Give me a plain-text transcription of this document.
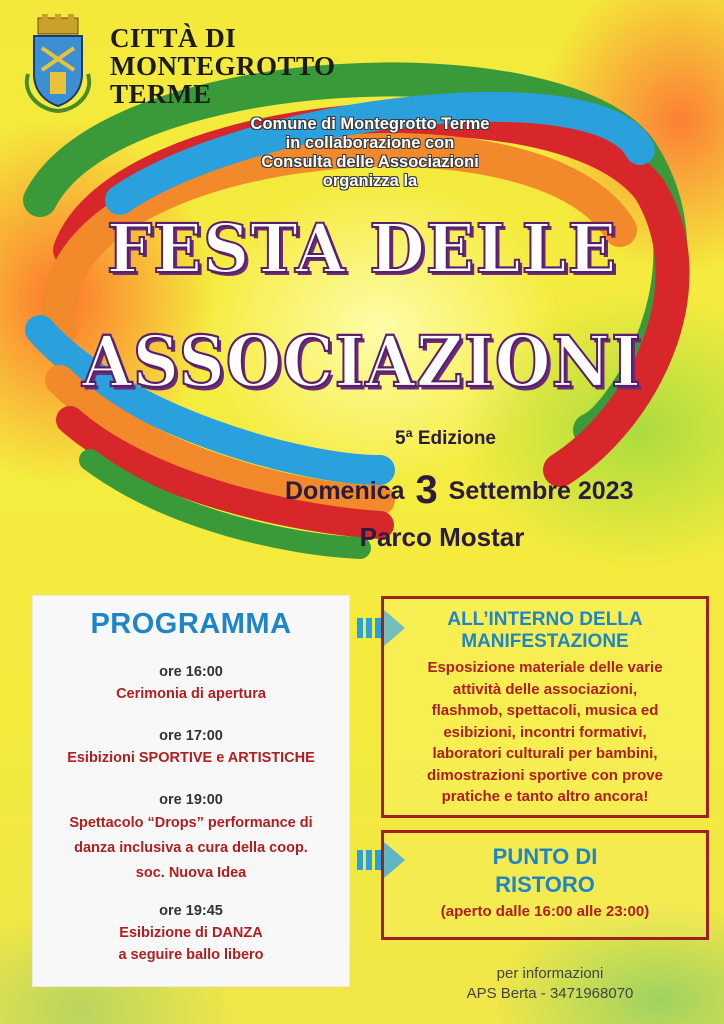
CITTÀ DI
MONTEGROTTO
TERME
Comune di Montegrotto Terme
in collaborazione con
Consulta delle Associazioni
organizza la
FESTA DELLE
ASSOCIAZIONI
5ª Edizione
Domenica 3 Settembre 2023
Parco Mostar
PROGRAMMA
ore 16:00
Cerimonia di apertura
ore 17:00
Esibizioni SPORTIVE e ARTISTICHE
ore 19:00
Spettacolo “Drops” performance di
danza inclusiva a cura della coop.
soc. Nuova Idea
ore 19:45
Esibizione di DANZA
a seguire ballo libero
ALL’INTERNO DELLA
MANIFESTAZIONE
Esposizione materiale delle varie
attività delle associazioni,
flashmob, spettacoli, musica ed
esibizioni, incontri formativi,
laboratori culturali per bambini,
dimostrazioni sportive con prove
pratiche e tanto altro ancora!
PUNTO DI
RISTORO
(aperto dalle 16:00 alle 23:00)
per informazioni
APS Berta - 3471968070
